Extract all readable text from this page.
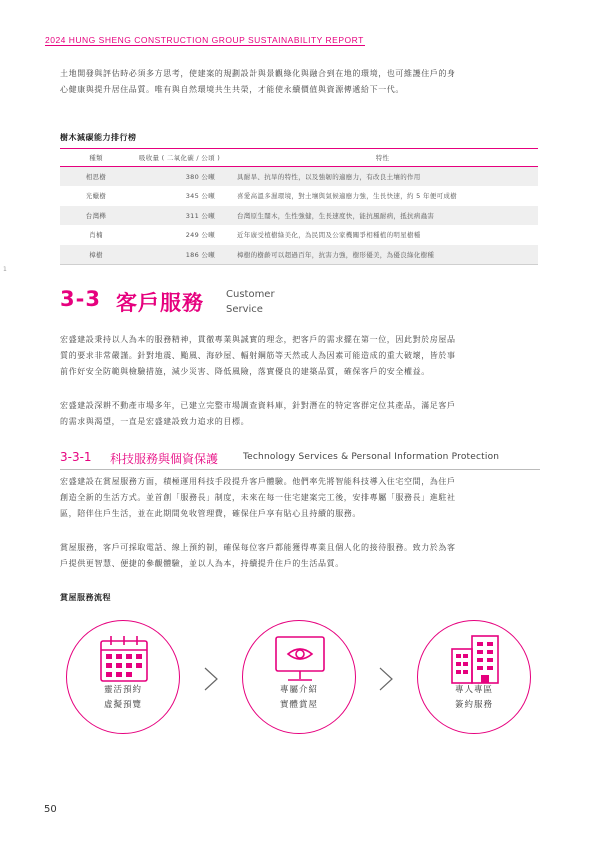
2024 HUNG SHENG CONSTRUCTION GROUP SUSTAINABILITY REPORT
土地開發與評估時必須多方思考，使建案的規劃設計與景觀綠化與融合到在地的環境，也可維護住戶的身
心健康與提升居住品質。唯有與自然環境共生共榮，才能使永續價值與資源傳遞給下一代。
樹木減碳能力排行榜
種類	吸收量 ( 二氧化碳 / 公頃 )	特性
相思樹	380 公噸	具耐旱、抗旱的特性，以及強韌的適應力，有改良土壤的作用
光蠟樹	345 公噸	喜愛高溫多濕環境，對土壤與氣候適應力強，生長快速，約 5 年便可成樹
台灣櫸	311 公噸	台灣原生闊木，生性強健，生長速度快，能抗風耐病，抵抗病蟲害
肖楠	249 公噸	近年廣受植樹綠美化，為民間及公家機關爭相種植的明星樹種
樟樹	186 公噸	樟樹的樹齡可以超過百年，抗害力強，樹形優美，為優良綠化樹種
1
3-3 客戶服務 Customer
Service
宏盛建設秉持以人為本的服務精神，貫徹專業與誠實的理念，把客戶的需求擺在第一位，因此對於房屋品
質的要求非常嚴謹。針對地震、颱風、海砂屋、輻射鋼筋等天然或人為因素可能造成的重大破壞，皆於事
前作好安全防範與檢驗措施，減少災害、降低風險，落實優良的建築品質，確保客戶的安全權益。
宏盛建設深耕不動產市場多年，已建立完整市場調查資料庫，針對潛在的特定客群定位其產品，滿足客戶
的需求與渴望，一直是宏盛建設致力追求的目標。
3-3-1 科技服務與個資保護	Technology Services & Personal Information Protection
宏盛建設在賞屋服務方面，積極運用科技手段提升客戶體驗。他們率先將智能科技導入住宅空間，為住戶
創造全新的生活方式。並首創「服務長」制度，未來在每一住宅建案完工後，安排專屬「服務長」進駐社
區，陪伴住戶生活，並在此期間免收管理費，確保住戶享有貼心且持續的服務。
賞屋服務，客戶可採取電話、線上預約制，確保每位客戶都能獲得專業且個人化的接待服務。致力於為客
戶提供更智慧、便捷的參觀體驗，並以人為本，持續提升住戶的生活品質。
賞屋服務流程
靈活預約
虛擬預覽
專屬介紹
實體賞屋
專人專區
簽約服務
50
